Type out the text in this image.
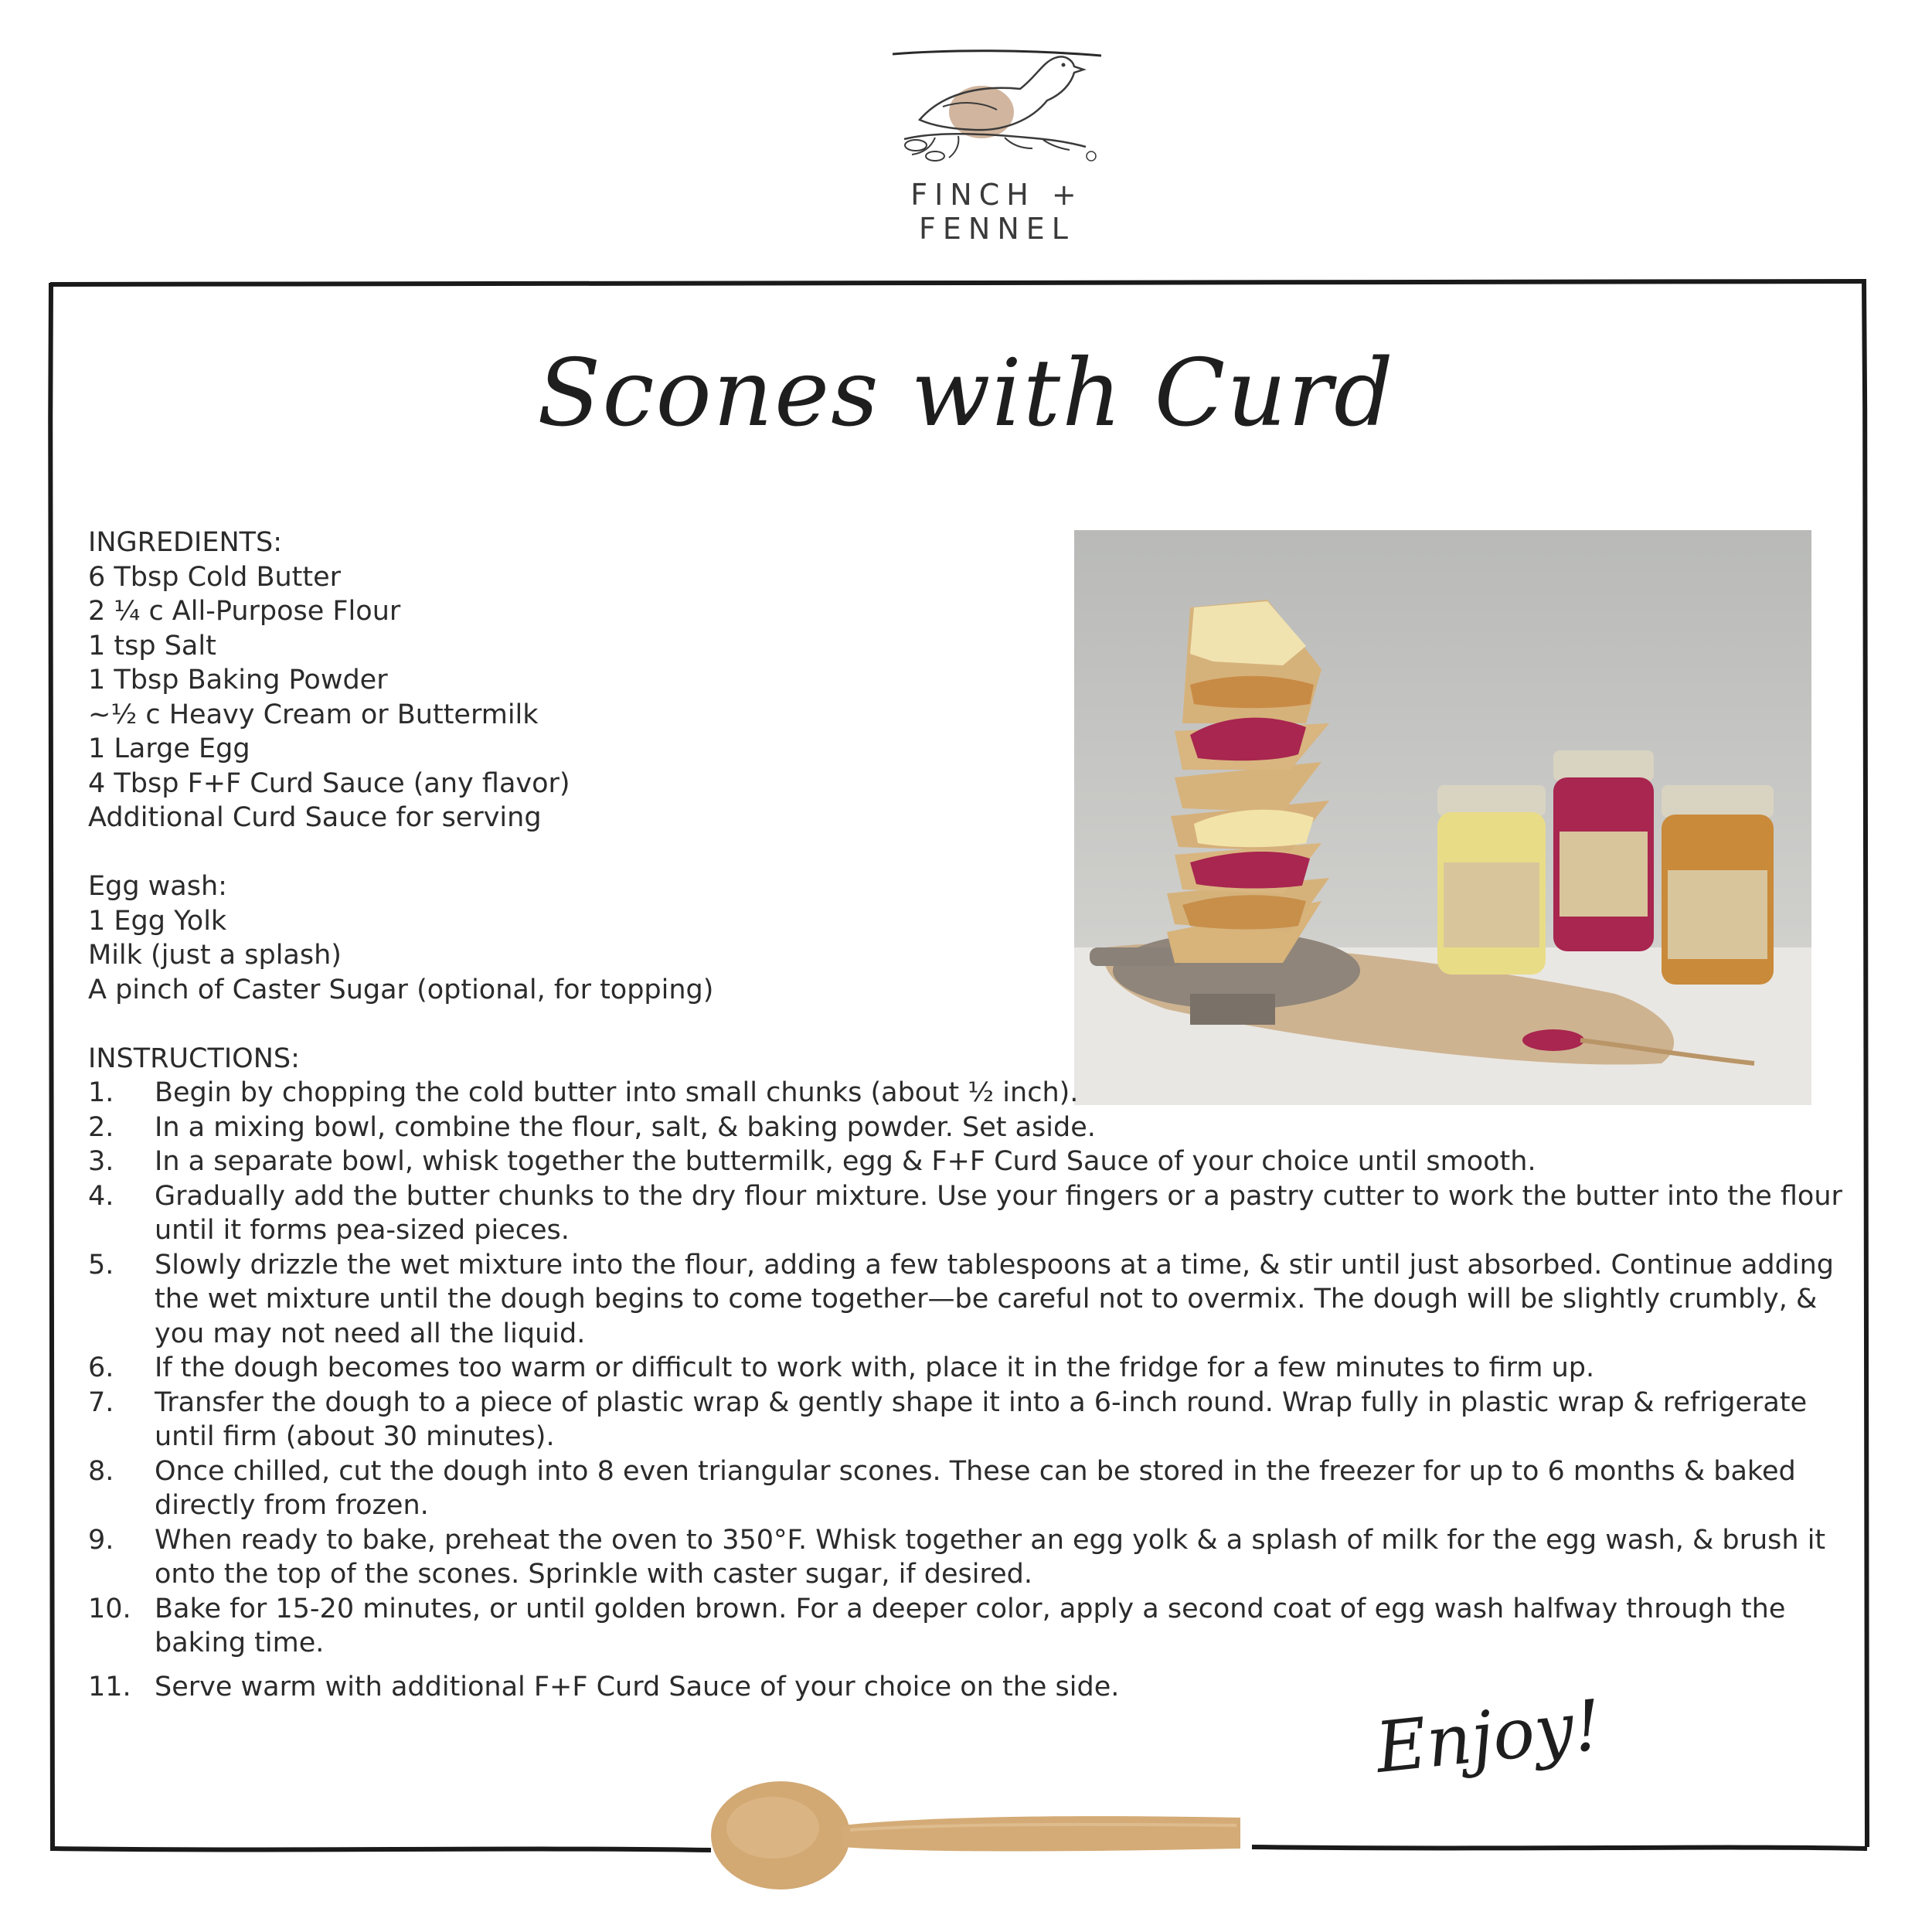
FINCH + FENNEL
Scones with Curd

INGREDIENTS:

6 Tbsp Cold Butter

2 ¼ c All-Purpose Flour

1 tsp Salt

1 Tbsp Baking Powder

~½ c Heavy Cream or Buttermilk

1 Large Egg

4 Tbsp F+F Curd Sauce (any flavor)

Additional Curd Sauce for serving

Egg wash:

1 Egg Yolk

Milk (just a splash)

A pinch of Caster Sugar (optional, for topping)

INSTRUCTIONS:

1.	Begin by chopping the cold butter into small chunks (about ½ inch).
2.	In a mixing bowl, combine the flour, salt, & baking powder. Set aside.
3.	In a separate bowl, whisk together the buttermilk, egg & F+F Curd Sauce of your choice until smooth.
4.	Gradually add the butter chunks to the dry flour mixture. Use your fingers or a pastry cutter to work the butter into the flour until it forms pea-sized pieces.
5.	Slowly drizzle the wet mixture into the flour, adding a few tablespoons at a time, & stir until just absorbed. Continue adding the wet mixture until the dough begins to come together—be careful not to overmix. The dough will be slightly crumbly, & you may not need all the liquid.
6.	If the dough becomes too warm or difficult to work with, place it in the fridge for a few minutes to firm up.
7.	Transfer the dough to a piece of plastic wrap & gently shape it into a 6-inch round. Wrap fully in plastic wrap & refrigerate until firm (about 30 minutes).
8.	Once chilled, cut the dough into 8 even triangular scones. These can be stored in the freezer for up to 6 months & baked directly from frozen.
9.	When ready to bake, preheat the oven to 350°F. Whisk together an egg yolk & a splash of milk for the egg wash, & brush it onto the top of the scones. Sprinkle with caster sugar, if desired.
10. Bake for 15-20 minutes, or until golden brown. For a deeper color, apply a second coat of egg wash halfway through the baking time.
11. Serve warm with additional F+F Curd Sauce of your choice on the side.	Enjoy!
